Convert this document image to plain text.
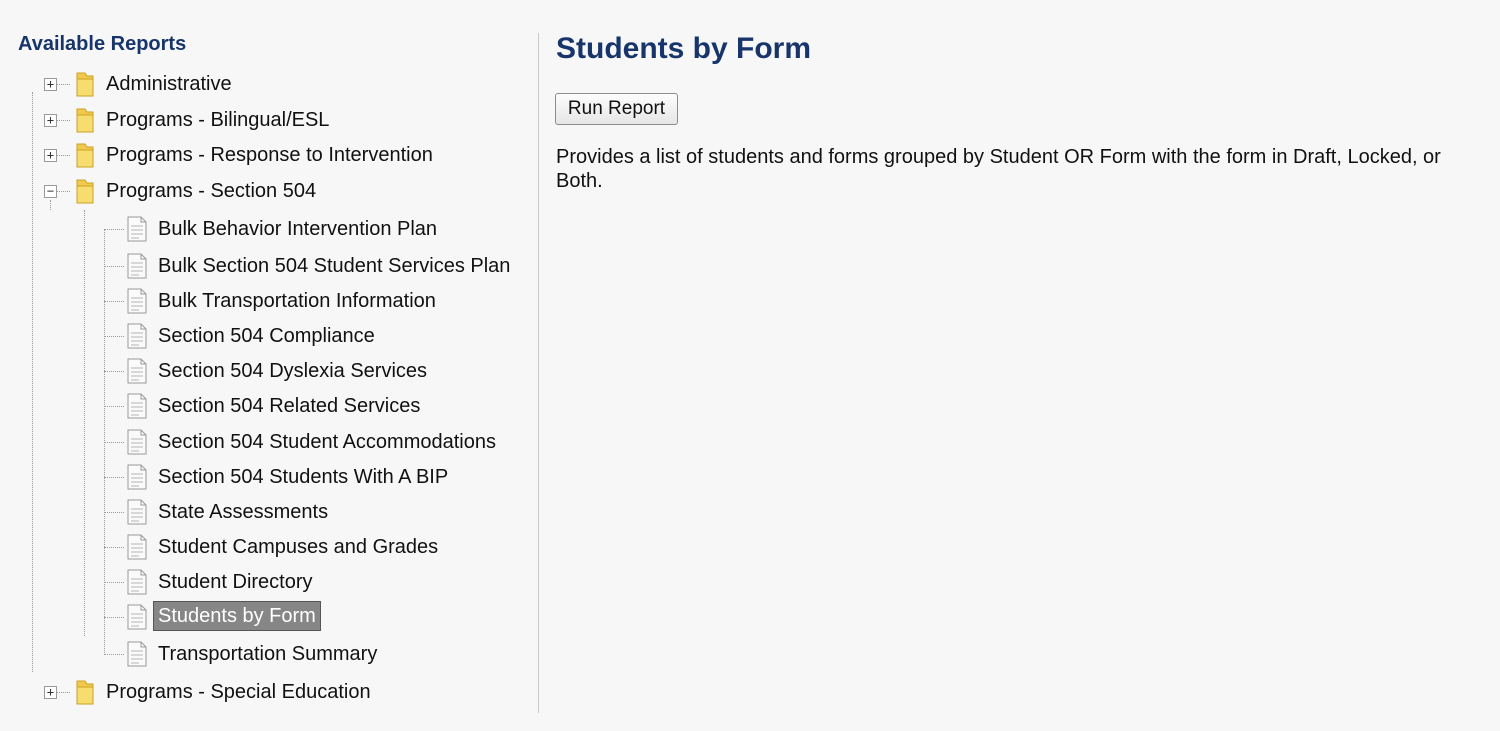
Available Reports
+	Administrative
+	Programs - Bilingual/ESL
+	Programs - Response to Intervention
−	Programs - Section 504
+	Programs - Special Education
Bulk Behavior Intervention Plan
Bulk Section 504 Student Services Plan
Bulk Transportation Information
Section 504 Compliance
Section 504 Dyslexia Services
Section 504 Related Services
Section 504 Student Accommodations
Section 504 Students With A BIP
State Assessments
Student Campuses and Grades
Student Directory
Students by Form
Transportation Summary
Students by Form
Run Report
Provides a list of students and forms grouped by Student OR Form with the form in Draft, Locked, or Both.
